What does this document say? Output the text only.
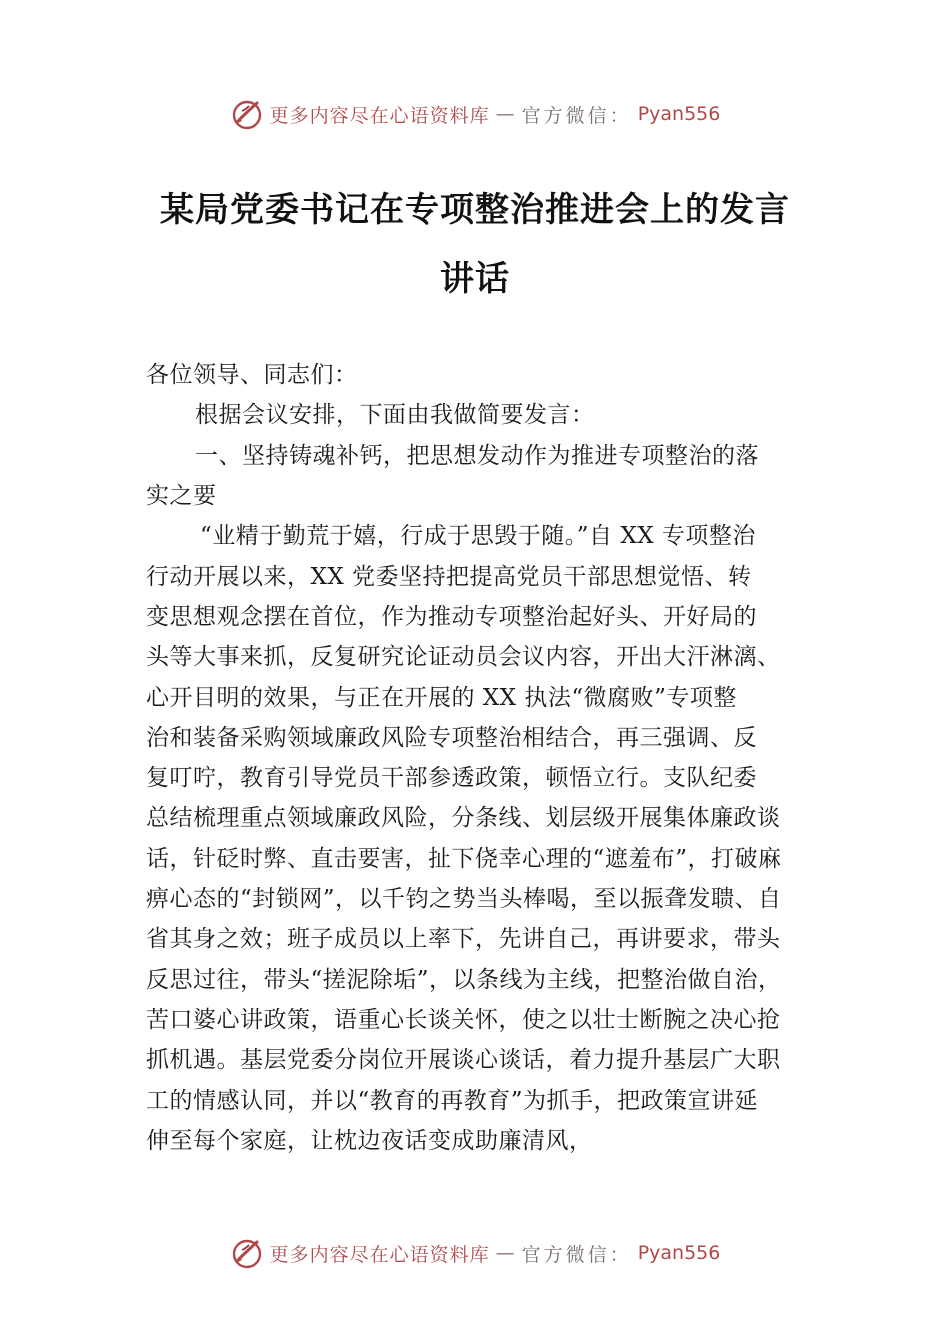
更多内容尽在心语资料库 — 官方微信： Pyan556
某局党委书记在专项整治推进会上的发言
讲话

各位领导、同志们：

根据会议安排，下面由我做简要发言：

一、坚持铸魂补钙，把思想发动作为推进专项整治的落

实之要

“业精于勤荒于嬉，行成于思毁于随。”自 XX 专项整治

行动开展以来，XX 党委坚持把提高党员干部思想觉悟、转

变思想观念摆在首位，作为推动专项整治起好头、开好局的

头等大事来抓，反复研究论证动员会议内容，开出大汗淋漓、

心开目明的效果，与正在开展的 XX 执法“微腐败”专项整

治和装备采购领域廉政风险专项整治相结合，再三强调、反

复叮咛，教育引导党员干部参透政策，顿悟立行。支队纪委

总结梳理重点领域廉政风险，分条线、划层级开展集体廉政谈

话，针砭时弊、直击要害，扯下侥幸心理的“遮羞布”，打破麻

痹心态的“封锁网”，以千钧之势当头棒喝，至以振聋发聩、自

省其身之效；班子成员以上率下，先讲自己，再讲要求，带头

反思过往，带头“搓泥除垢”，以条线为主线，把整治做自治，

苦口婆心讲政策，语重心长谈关怀，使之以壮士断腕之决心抢

抓机遇。基层党委分岗位开展谈心谈话，着力提升基层广大职

工的情感认同，并以“教育的再教育”为抓手，把政策宣讲延

伸至每个家庭，让枕边夜话变成助廉清风，

更多内容尽在心语资料库 — 官方微信： Pyan556
